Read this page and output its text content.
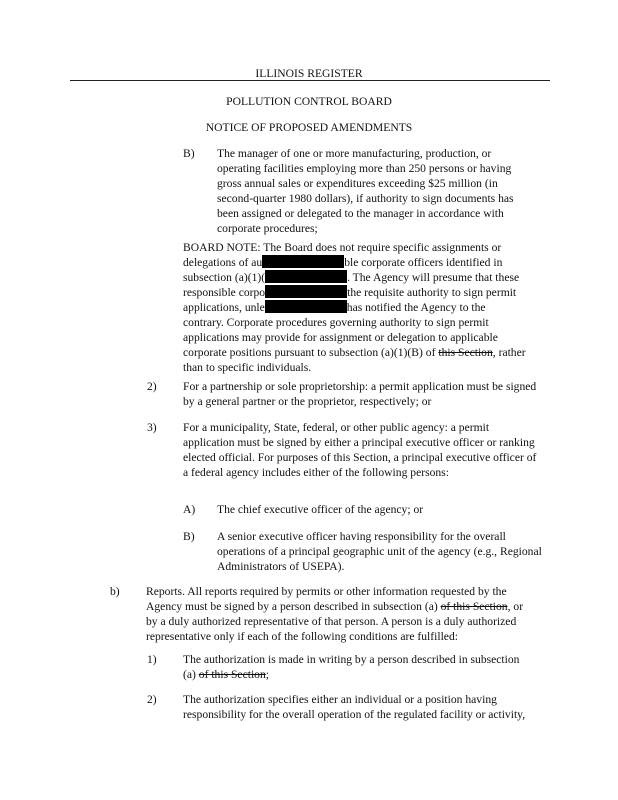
ILLINOIS REGISTER
POLLUTION CONTROL BOARD
NOTICE OF PROPOSED AMENDMENTS
B) The manager of one or more manufacturing, production, or operating facilities employing more than 250 persons or having gross annual sales or expenditures exceeding $25 million (in second-quarter 1980 dollars), if authority to sign documents has been assigned or delegated to the manager in accordance with corporate procedures;

BOARD NOTE: The Board does not require specific assignments or

delegations of au	ble corporate officers identified in

subsection (a)(1)(	. The Agency will presume that these

responsible corpo	the requisite authority to sign permit

applications, unle	has notified the Agency to the

contrary. Corporate procedures governing authority to sign permit

applications may provide for assignment or delegation to applicable

corporate positions pursuant to subsection (a)(1)(B) of this Section, rather

than to specific individuals.

2) For a partnership or sole proprietorship: a permit application must be signed by a general partner or the proprietor, respectively; or
3) For a municipality, State, federal, or other public agency: a permit application must be signed by either a principal executive officer or ranking elected official. For purposes of this Section, a principal executive officer of a federal agency includes either of the following persons:
A) The chief executive officer of the agency; or
B) A senior executive officer having responsibility for the overall operations of a principal geographic unit of the agency (e.g., Regional Administrators of USEPA).
b) Reports. All reports required by permits or other information requested by the

Agency must be signed by a person described in subsection (a) of this Section, or

by a duly authorized representative of that person. A person is a duly authorized

representative only if each of the following conditions are fulfilled:

1) The authorization is made in writing by a person described in subsection

(a) of this Section;

2) The authorization specifies either an individual or a position having responsibility for the overall operation of the regulated facility or activity,
